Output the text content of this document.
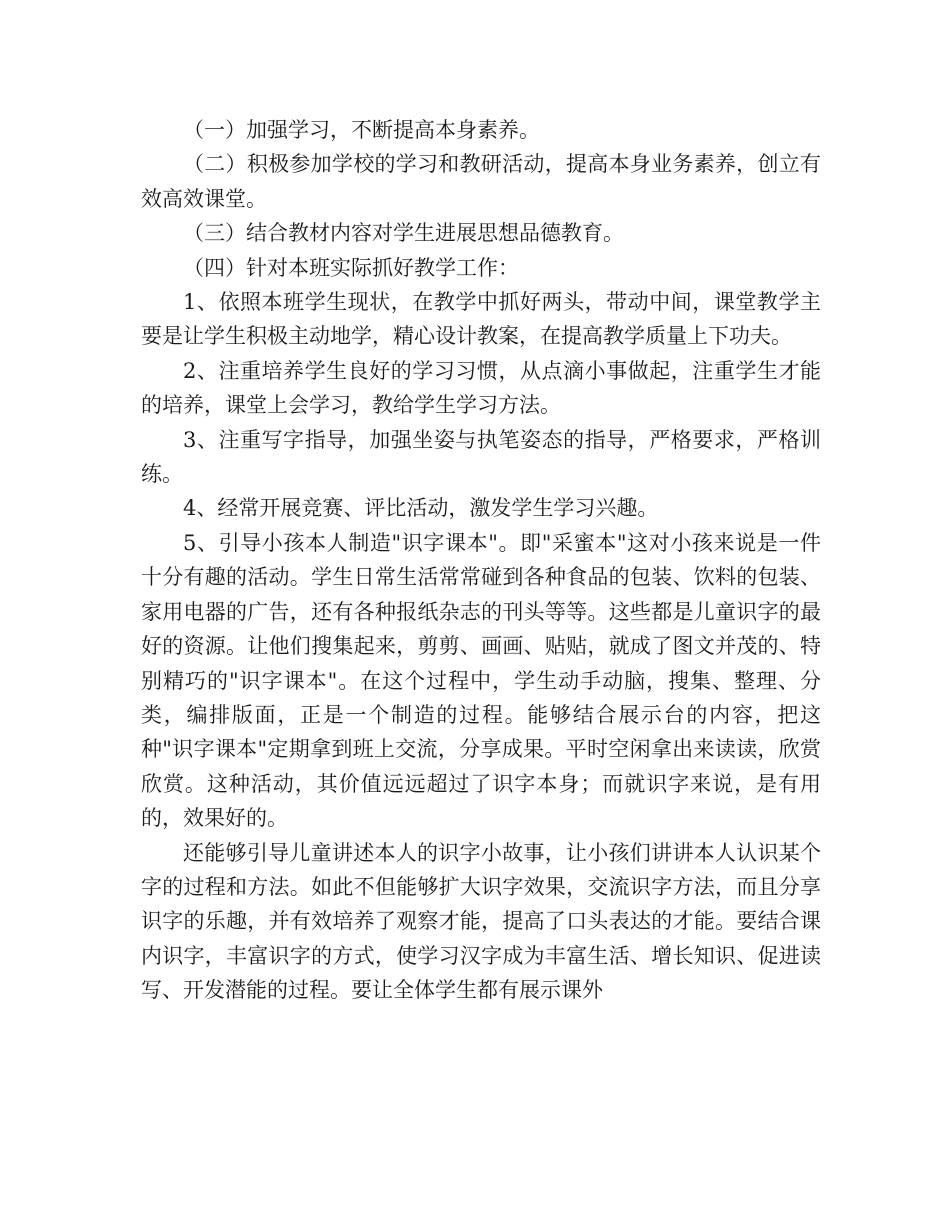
（一）加强学习，不断提高本身素养。

（二）积极参加学校的学习和教研活动，提高本身业务素养，创立有效高效课堂。

（三）结合教材内容对学生进展思想品德教育。

（四）针对本班实际抓好教学工作：

1、依照本班学生现状，在教学中抓好两头，带动中间，课堂教学主要是让学生积极主动地学，精心设计教案，在提高教学质量上下功夫。

2、注重培养学生良好的学习习惯，从点滴小事做起，注重学生才能的培养，课堂上会学习，教给学生学习方法。

3、注重写字指导，加强坐姿与执笔姿态的指导，严格要求，严格训练。

4、经常开展竞赛、评比活动，激发学生学习兴趣。

5、引导小孩本人制造"识字课本"。即"采蜜本"这对小孩来说是一件十分有趣的活动。学生日常生活常常碰到各种食品的包装、饮料的包装、家用电器的广告，还有各种报纸杂志的刊头等等。这些都是儿童识字的最好的资源。让他们搜集起来，剪剪、画画、贴贴，就成了图文并茂的、特别精巧的"识字课本"。在这个过程中，学生动手动脑，搜集、整理、分类，编排版面，正是一个制造的过程。能够结合展示台的内容，把这种"识字课本"定期拿到班上交流，分享成果。平时空闲拿出来读读，欣赏欣赏。这种活动，其价值远远超过了识字本身；而就识字来说，是有用的，效果好的。

还能够引导儿童讲述本人的识字小故事，让小孩们讲讲本人认识某个字的过程和方法。如此不但能够扩大识字效果，交流识字方法，而且分享识字的乐趣，并有效培养了观察才能，提高了口头表达的才能。要结合课内识字，丰富识字的方式，使学习汉字成为丰富生活、增长知识、促进读写、开发潜能的过程。要让全体学生都有展示课外
